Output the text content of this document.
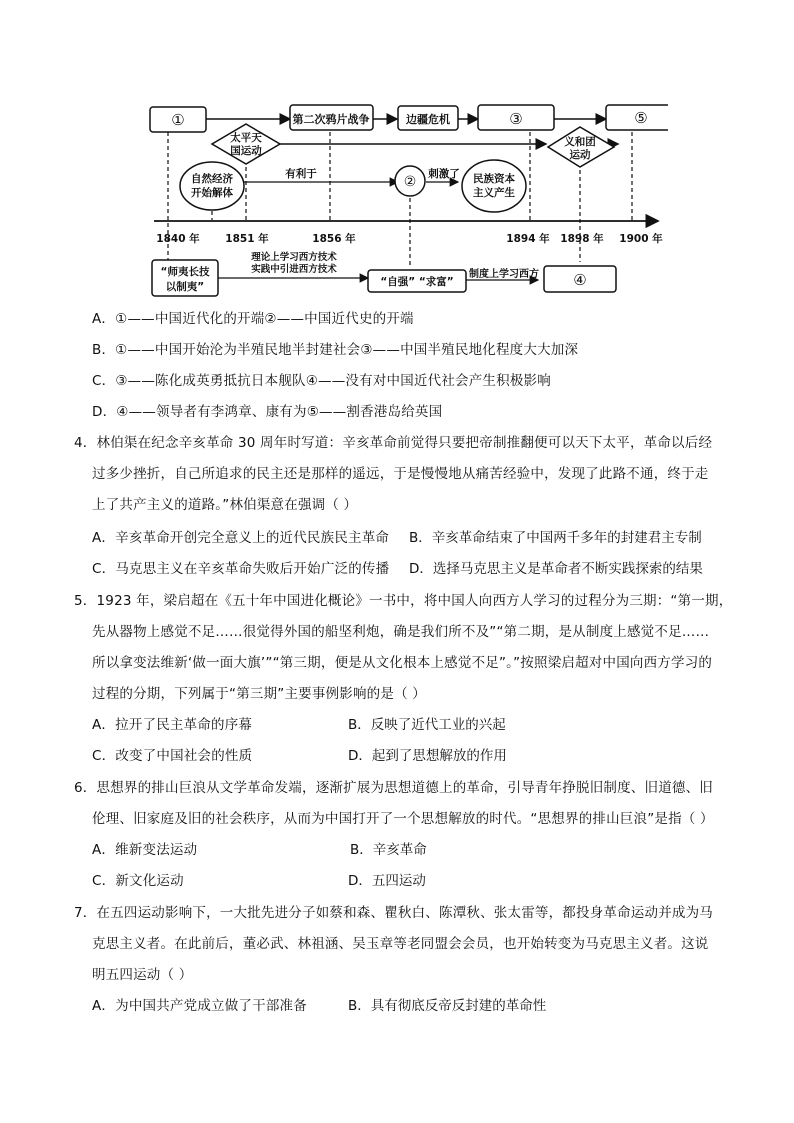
①	第二次鸦片战争	边疆危机	③	⑤
太平天
国运动
义和团
运动
自然经济
开始解体
②	民族资本
主义产生
有利于	刺激了
1840 年 1851 年	1856 年	1894 年 1898 年 1900 年
“师夷长技
以制夷”
理论上学习西方技术
实践中引进西方技术
“自强” “求富”
制度上学习西方 ④
A．①——中国近代化的开端②——中国近代史的开端
B．①——中国开始沦为半殖民地半封建社会③——中国半殖民地化程度大大加深
C．③——陈化成英勇抵抗日本舰队④——没有对中国近代社会产生积极影响
D．④——领导者有李鸿章、康有为⑤——割香港岛给英国
4．林伯渠在纪念辛亥革命 30 周年时写道：辛亥革命前觉得只要把帝制推翻便可以天下太平，革命以后经
过多少挫折，自己所追求的民主还是那样的遥远，于是慢慢地从痛苦经验中，发现了此路不通，终于走
上了共产主义的道路。”林伯渠意在强调（ ）
A．辛亥革命开创完全意义上的近代民族民主革命 B．辛亥革命结束了中国两千多年的封建君主专制
C．马克思主义在辛亥革命失败后开始广泛的传播 D．选择马克思主义是革命者不断实践探索的结果
5．1923 年，梁启超在《五十年中国进化概论》一书中，将中国人向西方人学习的过程分为三期：“第一期，
先从器物上感觉不足……很觉得外国的船坚利炮，确是我们所不及”“第二期，是从制度上感觉不足……
所以拿变法维新‘做一面大旗’”“第三期，便是从文化根本上感觉不足”。”按照梁启超对中国向西方学习的
过程的分期，下列属于“第三期”主要事例影响的是（ ）
A．拉开了民主革命的序幕	B．反映了近代工业的兴起
C．改变了中国社会的性质	D．起到了思想解放的作用
6．思想界的排山巨浪从文学革命发端，逐渐扩展为思想道德上的革命，引导青年挣脱旧制度、旧道德、旧
伦理、旧家庭及旧的社会秩序，从而为中国打开了一个思想解放的时代。“思想界的排山巨浪”是指（ ）
A．维新变法运动	B．辛亥革命
C．新文化运动	D．五四运动
7．在五四运动影响下，一大批先进分子如蔡和森、瞿秋白、陈潭秋、张太雷等，都投身革命运动并成为马
克思主义者。在此前后，董必武、林祖涵、吴玉章等老同盟会会员，也开始转变为马克思主义者。这说
明五四运动（ ）
A．为中国共产党成立做了干部准备	B．具有彻底反帝反封建的革命性
